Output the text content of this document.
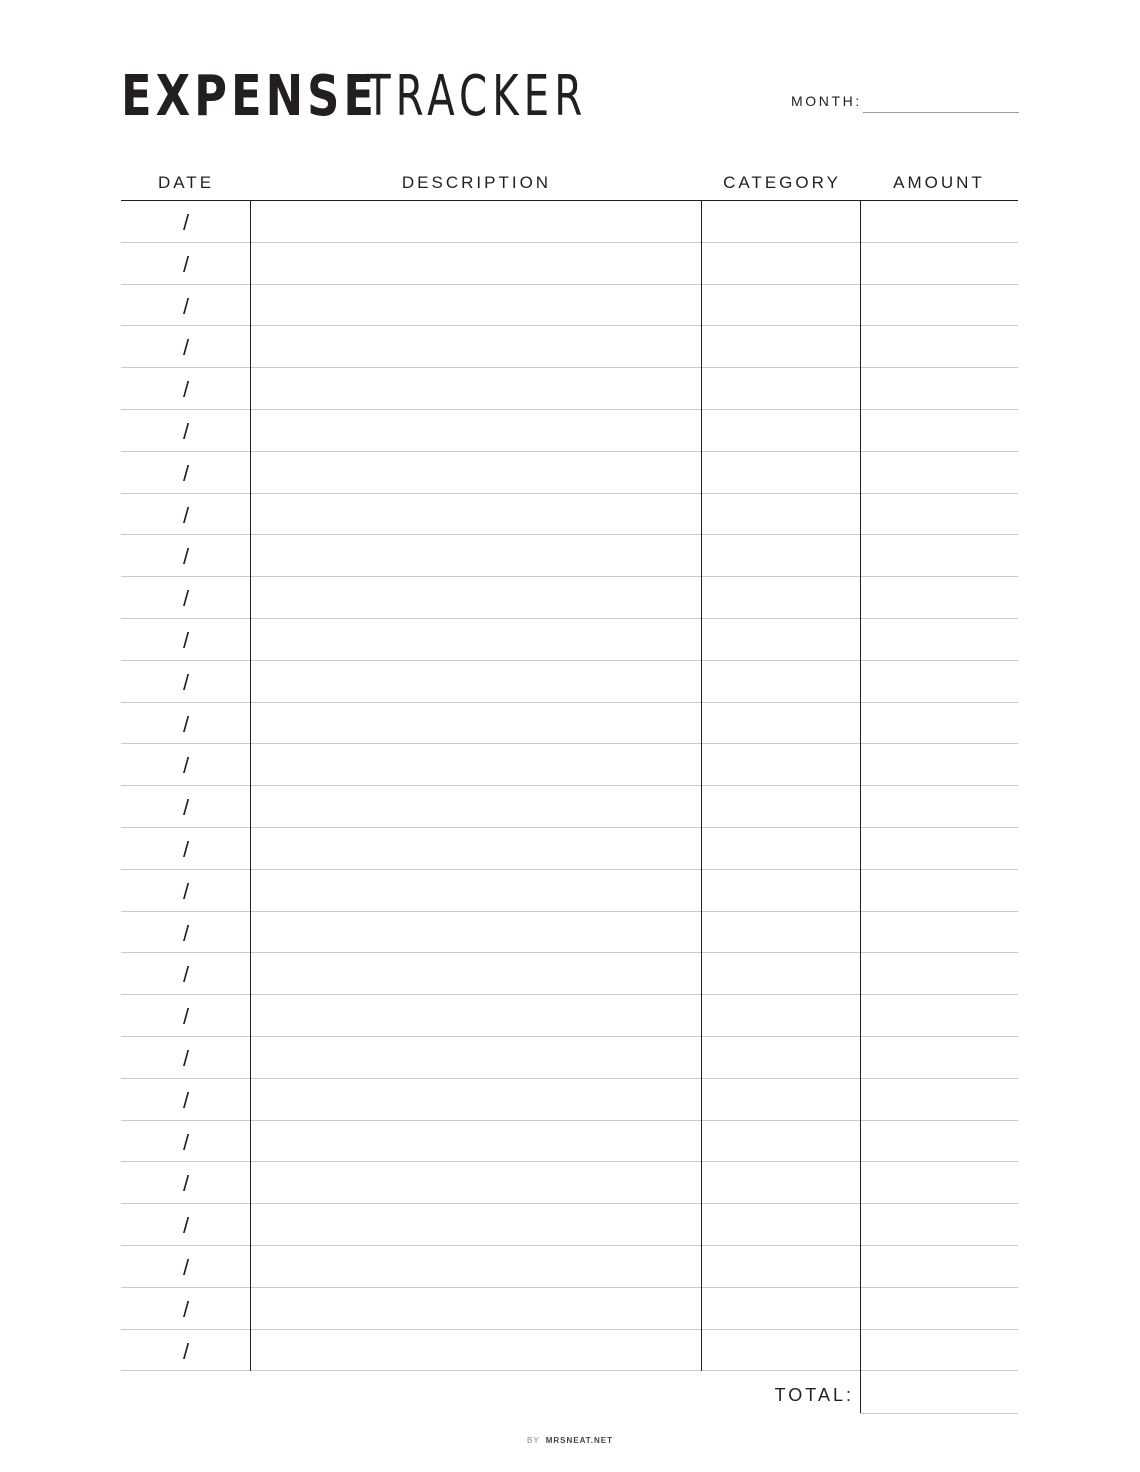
EXPENSE
TRACKER	MONTH:
DATE	DESCRIPTION	CATEGORY	AMOUNT
/
/
/
/
/
/
/
/
/
/
/
/
/
/
/
/
/
/
/
/
/
/
/
/
/
/
/
/
TOTAL:
BY MRSNEAT.NET
